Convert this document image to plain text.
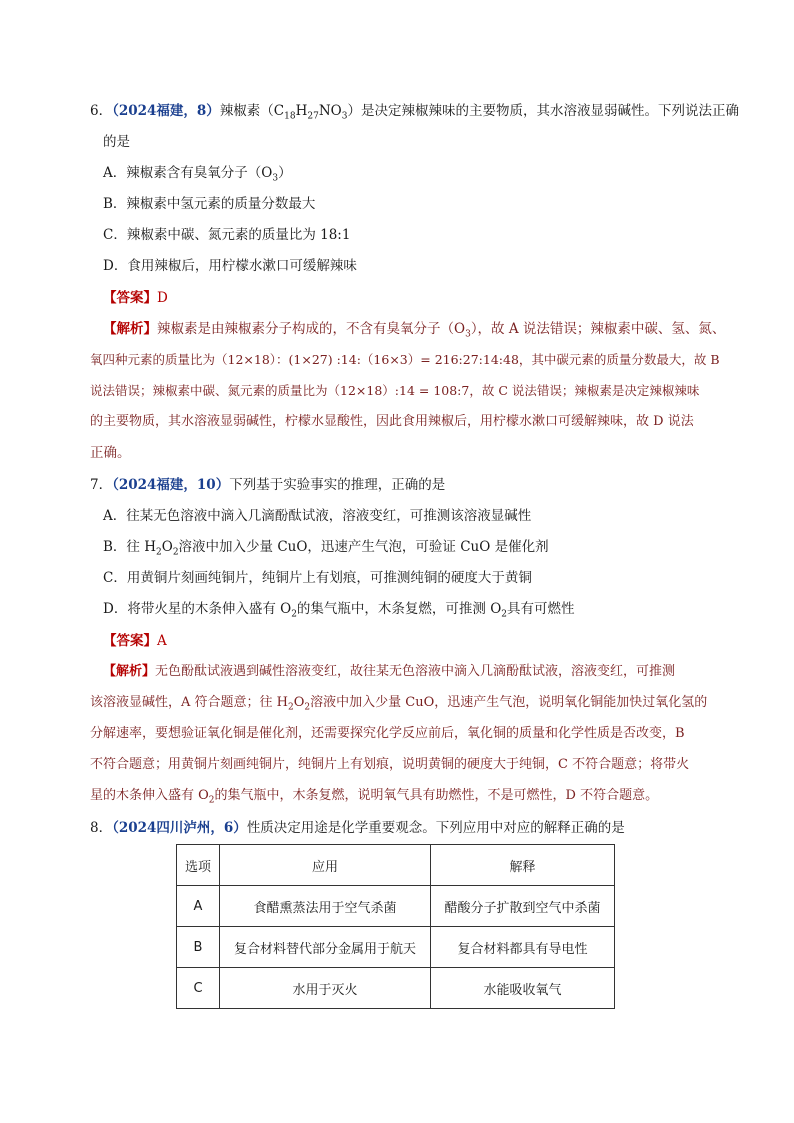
6．（2024福建，8）辣椒素$(C_{18}H_{27}NO_3)$是决定辣椒辣味的主要物质，其水溶液显弱碱性。下列说法正确
的是
A．辣椒素含有臭氧分子$(O_3)$
B．辣椒素中氢元素的质量分数最大
C．辣椒素中碳、氮元素的质量比为 18:1
D．食用辣椒后，用柠檬水漱口可缓解辣味
【答案】D
【解析】辣椒素是由辣椒素分子构成的，不含有臭氧分子$(O_3)$，故 A 说法错误；辣椒素中碳、氢、氮、
氧四种元素的质量比为（12×18）：(1×27) :14:（16×3）= 216:27:14:48，其中碳元素的质量分数最大，故 B
说法错误；辣椒素中碳、氮元素的质量比为（12×18）:14 = 108:7，故 C 说法错误；辣椒素是决定辣椒辣味
的主要物质，其水溶液显弱碱性，柠檬水显酸性，因此食用辣椒后，用柠檬水漱口可缓解辣味，故 D 说法
正确。
7．（2024福建，10）下列基于实验事实的推理，正确的是
A．往某无色溶液中滴入几滴酚酞试液，溶液变红，可推测该溶液显碱性
B．往 $H_2O_2$溶液中加入少量 CuO，迅速产生气泡，可验证 CuO 是催化剂
C．用黄铜片刻画纯铜片，纯铜片上有划痕，可推测纯铜的硬度大于黄铜
D．将带火星的木条伸入盛有 $O_2$的集气瓶中，木条复燃，可推测 $O_2$具有可燃性
【答案】A
【解析】无色酚酞试液遇到碱性溶液变红，故往某无色溶液中滴入几滴酚酞试液，溶液变红，可推测
该溶液显碱性，A 符合题意；往 $H_2O_2$溶液中加入少量 CuO，迅速产生气泡，说明氧化铜能加快过氧化氢的
分解速率，要想验证氧化铜是催化剂，还需要探究化学反应前后，氧化铜的质量和化学性质是否改变，B
不符合题意；用黄铜片刻画纯铜片，纯铜片上有划痕，说明黄铜的硬度大于纯铜，C 不符合题意；将带火
星的木条伸入盛有 $O_2$的集气瓶中，木条复燃，说明氧气具有助燃性，不是可燃性，D 不符合题意。
8．（2024四川泸州，6）性质决定用途是化学重要观念。下列应用中对应的解释正确的是
选项	应用	解释
A	食醋熏蒸法用于空气杀菌	醋酸分子扩散到空气中杀菌
B	复合材料替代部分金属用于航天	复合材料都具有导电性
C	水用于灭火	水能吸收氧气
